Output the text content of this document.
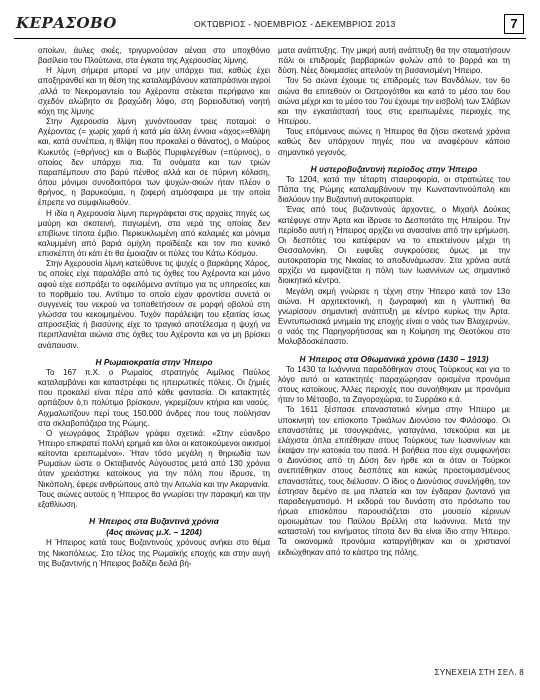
ΚΕΡΑΣΟΒΟ	ΟΚΤΩΒΡΙΟΣ - ΝΟΕΜΒΡΙΟΣ - ΔΕΚΕΜΒΡΙΟΣ 2013	7

οποίων, άυλες σκιές, τριγυρνούσαν αέναα στο υποχθόνιο βασίλειο του Πλούτωνα, στα έγκατα της Αχερουσίας λίμνης.

Η λίμνη σήμερα μπορεί να μην υπάρχει πια, καθώς έχει αποξηρανθεί και τη θέση της καταλαμβάνουν καταπράσινοι αγροί ,αλλά το Νεκρομαντείο του Αχέροντα στέκεται περήφανο και σχεδόν αλώβητο σε βραχώδη λόφο, στη βορειοδυτική νοητή κόχη της λίμνης

Στην Αχερουσία λίμνη χυνόντουσαν τρεις ποταμοί: ο Αχέροντας (= χωρίς χαρά ή κατά μία άλλη έννοια «άχος»=θλίψη και, κατά συνέπεια, η θλίψη που προκαλεί ο θάνατος), ο Μαύρος Κωκυτός (=θρήνος) και ο Βωβός Πυριφλεγέθων (=πύρινος), ο οποίος δεν υπάρχει πια. Τα ονόματα και των τριών παραπέμπουν στο βαρύ πένθος αλλά και σε πύρινη κόλαση, όπου μόνιμοι συνοδοιπόροι των ψυχών-σκιών ήταν πλέον ο θρήνος, η βαρυκούμια, η ζοφερή ατμόσφαιρα με την οποία έπρεπε να συμφιλιωθούν.

Η ιδία η Αχερουσία λίμνη περιγράφεται στις αρχαίες πηγές ως μαύρη και σκοτεινή, παγωμένη, στα νερά της οποίας δεν επιβίωνε τίποτα έμβιο. Περικυκλωμένη από καλαμιές και μόνιμα καλυμμένη από βαριά ομίχλη προϊδέαζε και τον πιο κυνικό επισκέπτη ότι κάτι έτι θα έμοιαζαν οι πύλες του Κάτω Κόσμου.

Στην Αχερουσία λίμνη κατεύθυνε τις ψυχές ο βαρκάρης Χάρος, τις οποίες είχε παραλάβει από τις όχθες του Αχέροντα και μόνο αφού είχε εισπράξει το οφειλόμενο αντίτιμο για τις υπηρεσίες και το πορθμείο του. Αντίτιμο το οποίο είχαν φροντίσει συνετά οι συγγενείς του νεκρού να τοποθετήσουν σε μορφή οβολού στη γλώσσα του κεκοιμημένου. Τυχόν παράλειψη του εξαιτίας ίσως απροσεξίας ή βιασύνης είχε το τραγικό αποτέλεσμα η ψυχή να περιπλανιέται αιώνια στις όχθες του Αχέροντα και να μη βρίσκει ανάπαυσιν.

Η Ρωμαιοκρατία στην Ήπειρο

Το 167 π.Χ. ο Ρωμαίος στρατηγός Αιμίλιος Παύλος καταλαμβάνει και καταστρέφει τις ηπειρωτικές πόλεις. Οι ζημιές που προκαλεί είναι πέρα από κάθε φαντασία. Οι κατακτητές αρπάζουν ό,τι πολύτιμο βρίσκουν, γκρεμίζουν κτήρια και ναούς. Αιχμαλωτίζουν περί τους 150.000 άνδρες που τους πούλησαν στα σκλαβοπάζαρα της Ρώμης.

Ο γεωγράφος Στράβων γράφει σχετικά: «Στην εύανδρο Ήπειρο επικρατεί πολλή ερημιά και όλοι οι κατοικούμενοι οικισμοί κείτονται ερειπωμένοι». Ήταν τόσο μεγάλη η θηριωδία των Ρωμαίων ώστε ο Οκταβιανός Αύγουστος μετά από 130 χρόνια όταν χρειάστηκε κατοίκους για την πόλη που ίδρυσε, τη Νικόπολη, έφερε ανθρώπους από την Αιτωλία και την Ακαρνανία. Τους αιώνες αυτούς η Ήπειρος θα γνωρίσει την παρακμή και την εξαθλίωση.

Η Ήπειρος στα Βυζαντινά χρόνια
(4ος αιώνας μ.Χ. – 1204)

Η Ήπειρος κατά τους Βυζαντινούς χρόνους ανήκει στο θέμα της Νικοπόλεως. Στο τέλος της Ρωμαϊκής εποχής και στην αυγή της Βυζαντινής η Ήπειρος βαδίζει δειλά βή-

ματα ανάπτυξης. Την μικρή αυτή ανάπτυξη θα την σταματήσουν πάλι οι επιδρομές βαρβαρικών φυλών από το βορρά και τη δύση. Νέες δοκιμασίες απειλούν τη βασανισμένη Ήπειρο.

Τον 5ο αιώνα έχουμε τις επιδρομές των Βανδάλων, τον 6ο αιώνα θα επιτεθούν οι Οστρογότθοι και κατά το μέσο του 6ου αιώνα μέχρι και το μέσο του 7ου έχουμε την εισβολή των Σλάβων και την εγκατάστασή τους στις ερειπωμένες περιοχές της Ηπείρου.

Τους επόμενους αιώνες η Ήπειρος θα ζήσει σκοτεινά χρόνια καθώς δεν υπάρχουν πηγές που να αναφέρουν κάποιο σημαντικό γεγονός.

Η υστεροβυζαντινή περίοδος στην Ήπειρο

Το 1204, κατά την τέταρτη σταυροφορία, οι στρατιώτες του Πάπα της Ρώμης καταλαμβάνουν την Κωνσταντινούπολη και διαλύουν την Βυζαντινή αυτοκρατορία.

Ένας από τους βυζαντινούς άρχοντες, ο Μιχαήλ Δούκας κατέφυγε στην Άρτα και ίδρυσε το Δεσποτάτο της Ηπείρου. Την περίοδο αυτή η Ήπειρος αρχίζει να ανασαίνει από την ερήμωση. Οι δεσπότες του κατέφεραν να το επεκτείνουν μέχρι τη Θεσσαλονίκη. Οι ευφυΐες συγκρούσεις όμως με την αυτοκρατορία της Νικαίας το αποδυνάμωσαν. Στα χρόνια αυτά αρχίζει να εμφανίζεται η πόλη των Ιωαννίνων ως σημαντικό διοικητικό κέντρο.

Μεγάλη ακμή γνώρισε η τέχνη στην Ήπειρο κατά τον 13ο αιώνα. Η αρχιτεκτονική, η ζωγραφική και η γλυπτική θα γνωρίσουν σημαντική ανάπτυξη με κέντρο κυρίως την Άρτα. Ενντυπωσιακά μνημεία της εποχής είναι ο ναός των Βλαχερνών, ο ναός της Παρηγορήτισσας και η Κοίμηση της Θεοτόκου στο Μολυβδοσκέπαστο.

Η Ήπειρος στα Οθωμανικά χρόνια (1430 – 1913)

Το 1430 τα Ιωάννινα παραδόθηκαν στους Τούρκους και για το λόγο αυτό οι κατακτητές παραχώρησαν ορισμένα προνόμια στους κατοίκους. Άλλες περιοχές που συνοήθηκαν με προνόμια ήταν το Μέτσοβο, τα Ζαγοροχώρια, το Συρράκο κ.ά.

Το 1611 ξέσπασε επαναστατικό κίνημα στην Ήπειρο με υποκινητή τον επίσκοπο Τρικάλων Διονύσιο τον Φιλόσοφο. Οι επαναστάτες με τσουγκράνες, γιαταγάνια, τσεκούρια και με ελάχιστα όπλα επιτέθηκαν στους Τούρκους των Ιωαννίνων και έκαψαν την κατοικία του πασά. Η βοήθεια που είχε συμφωνήσει ο Διονύσιος από τη Δύση δεν ήρθε και οι όταν οι Τούρκοι ανεπιτέθηκαν στους δεσπότες και κακώς προετοιμασμένους επαναστάτες, τους διέλυσαν. Ο ίδιος ο Διονύσιος συνελήφθη, τον έστησαν δεμένο σε μια πλατεία και τον έγδαραν ζωντανό για παραδειγματισμό. Η εκδορά του δυνάστη στο πρόσωπο του ήρωα επισκόπου παρουσιάζεται στο μουσείο κέρινων ομοιωμάτων του Παύλου Βρέλλη στα Ιωάννινα. Μετά την καταστολή του κινήματος τίποτα δεν θα είναι ίδιο στην Ήπειρο. Τα οικονομικά προνόμια καταργήθηκαν και οι χριστιανοί εκδιώχθηκαν από το κάστρο της πόλης.

ΣΥΝΕΧΕΙΑ ΣΤΗ ΣΕΛ. 8
